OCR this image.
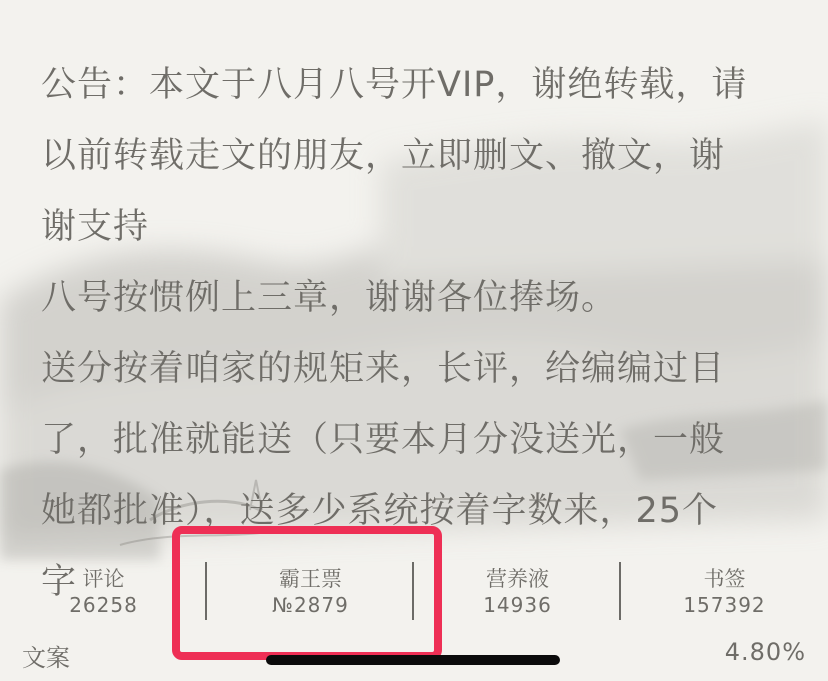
公告：本文于八月八号开VIP，谢绝转载，请

以前转载走文的朋友，立即删文、撤文，谢

谢支持

八号按惯例上三章，谢谢各位捧场。

送分按着咱家的规矩来，长评，给编编过目

了，批准就能送（只要本月分没送光，一般

她都批准），送多少系统按着字数来，25个

字 评论
26258
霸王票
№2879
营养液
14936
书签
157392
文案	4.80%
